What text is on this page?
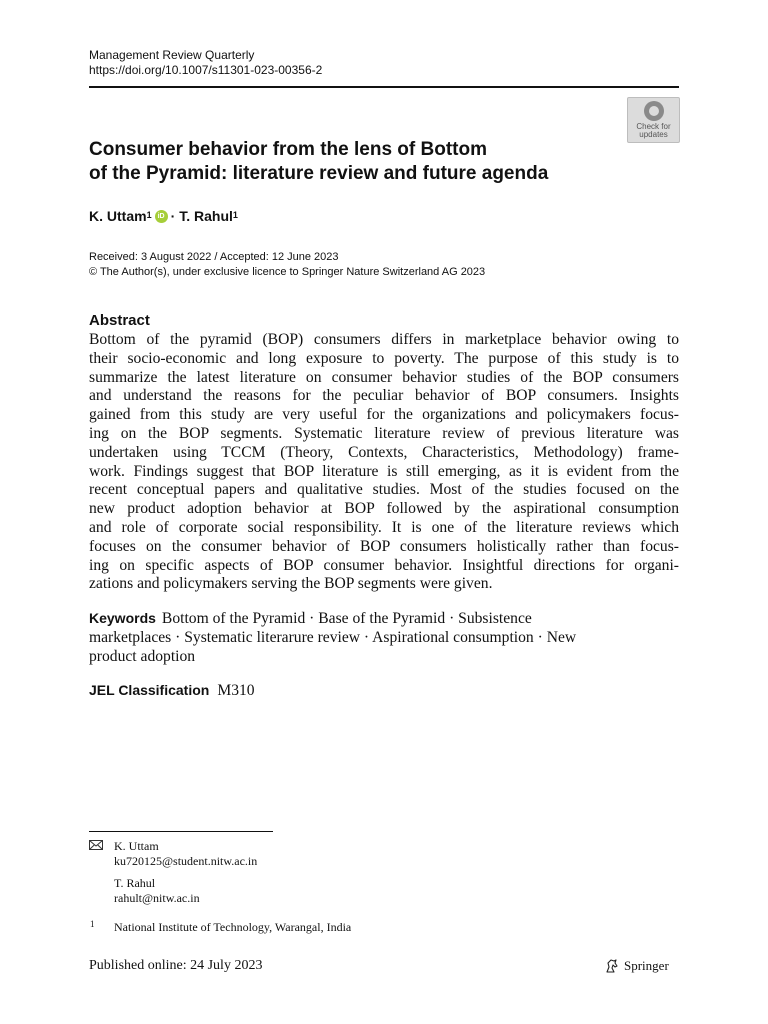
Management Review Quarterly
https://doi.org/10.1007/s11301-023-00356-2
Check for
updates
Consumer behavior from the lens of Bottom
of the Pyramid: literature review and future agenda
K. Uttam$^1$ iD · T. Rahul$^1$
Received: 3 August 2022 / Accepted: 12 June 2023
© The Author(s), under exclusive licence to Springer Nature Switzerland AG 2023
Abstract
Bottom of the pyramid (BOP) consumers differs in marketplace behavior owing to
their socio-economic and long exposure to poverty. The purpose of this study is to
summarize the latest literature on consumer behavior studies of the BOP consumers
and understand the reasons for the peculiar behavior of BOP consumers. Insights
gained from this study are very useful for the organizations and policymakers focus-
ing on the BOP segments. Systematic literature review of previous literature was
undertaken using TCCM (Theory, Contexts, Characteristics, Methodology) frame-
work. Findings suggest that BOP literature is still emerging, as it is evident from the
recent conceptual papers and qualitative studies. Most of the studies focused on the
new product adoption behavior at BOP followed by the aspirational consumption
and role of corporate social responsibility. It is one of the literature reviews which
focuses on the consumer behavior of BOP consumers holistically rather than focus-
ing on specific aspects of BOP consumer behavior. Insightful directions for organi-
zations and policymakers serving the BOP segments were given.
Keywords Bottom of the Pyramid · Base of the Pyramid · Subsistence
marketplaces · Systematic literarure review · Aspirational consumption · New
product adoption
JEL Classification M310
K. Uttam
ku720125@student.nitw.ac.in
T. Rahul
rahult@nitw.ac.in
1 National Institute of Technology, Warangal, India
Published online: 24 July 2023	Springer
